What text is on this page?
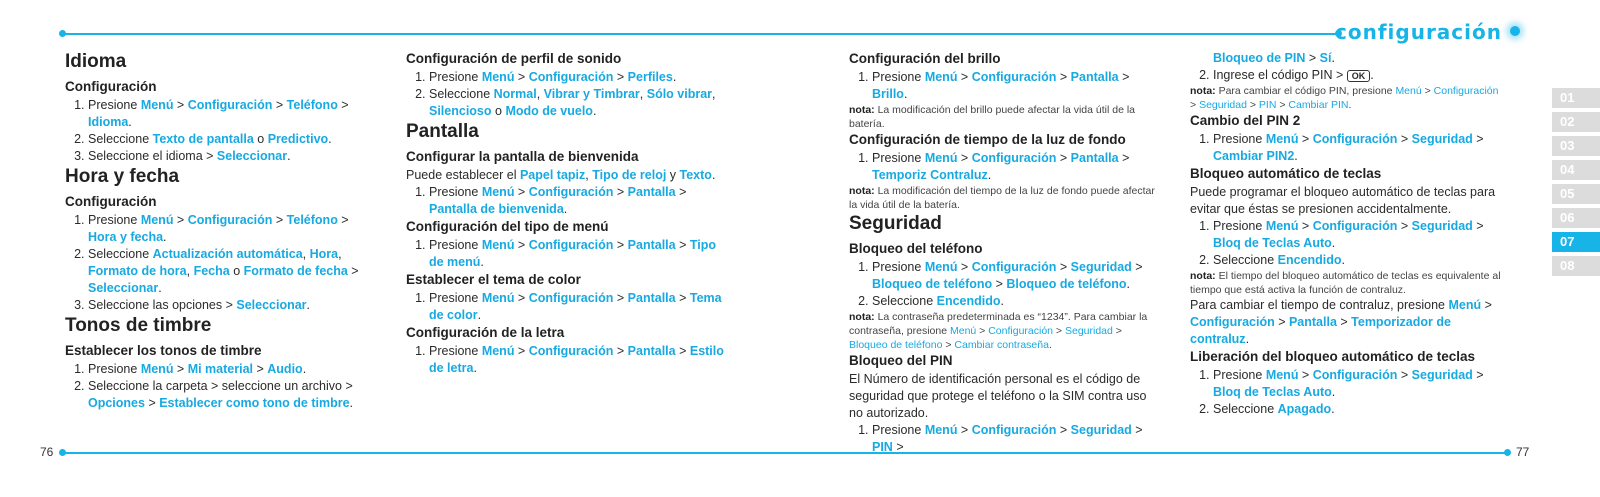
configuración
76	77
01
02
03
04
05
06
07
08
Idioma
Configuración
1. Presione Menú > Configuración > Teléfono > Idioma.
2. Seleccione Texto de pantalla o Predictivo.
3. Seleccione el idioma > Seleccionar.
Hora y fecha
Configuración
1. Presione Menú > Configuración > Teléfono > Hora y fecha.
2. Seleccione Actualización automática, Hora, Formato de hora, Fecha o Formato de fecha > Seleccionar.
3. Seleccione las opciones > Seleccionar.
Tonos de timbre
Establecer los tonos de timbre
1. Presione Menú > Mi material > Audio.
2. Seleccione la carpeta > seleccione un archivo > Opciones > Establecer como tono de timbre.
Configuración de perfil de sonido
1. Presione Menú > Configuración > Perfiles.
2. Seleccione Normal, Vibrar y Timbrar, Sólo vibrar, Silencioso o Modo de vuelo.
Pantalla
Configurar la pantalla de bienvenida

Puede establecer el Papel tapiz, Tipo de reloj y Texto.

1. Presione Menú > Configuración > Pantalla > Pantalla de bienvenida.
Configuración del tipo de menú
1. Presione Menú > Configuración > Pantalla > Tipo de menú.
Establecer el tema de color
1. Presione Menú > Configuración > Pantalla > Tema de color.
Configuración de la letra
1. Presione Menú > Configuración > Pantalla > Estilo de letra.
Configuración del brillo
1. Presione Menú > Configuración > Pantalla > Brillo.

nota: La modificación del brillo puede afectar la vida útil de la batería.

Configuración de tiempo de la luz de fondo
1. Presione Menú > Configuración > Pantalla > Temporiz Contraluz.

nota: La modificación del tiempo de la luz de fondo puede afectar la vida útil de la batería.

Seguridad
Bloqueo del teléfono
1. Presione Menú > Configuración > Seguridad > Bloqueo de teléfono > Bloqueo de teléfono.
2. Seleccione Encendido.

nota: La contraseña predeterminada es “1234”. Para cambiar la contraseña, presione Menú > Configuración > Seguridad > Bloqueo de teléfono > Cambiar contraseña.

Bloqueo del PIN

El Número de identificación personal es el código de seguridad que protege el teléfono o la SIM contra uso no autorizado.

1. Presione Menú > Configuración > Seguridad > PIN >
Bloqueo de PIN > Sí.
2. Ingrese el código PIN > OK .

nota: Para cambiar el código PIN, presione Menú > Configuración > Seguridad > PIN > Cambiar PIN.

Cambio del PIN 2
1. Presione Menú > Configuración > Seguridad > Cambiar PIN2.
Bloqueo automático de teclas

Puede programar el bloqueo automático de teclas para evitar que éstas se presionen accidentalmente.

1. Presione Menú > Configuración > Seguridad > Bloq de Teclas Auto.
2. Seleccione Encendido.

nota: El tiempo del bloqueo automático de teclas es equivalente al tiempo que está activa la función de contraluz.

Para cambiar el tiempo de contraluz, presione Menú > Configuración > Pantalla > Temporizador de contraluz.

Liberación del bloqueo automático de teclas
1. Presione Menú > Configuración > Seguridad > Bloq de Teclas Auto.
2. Seleccione Apagado.
